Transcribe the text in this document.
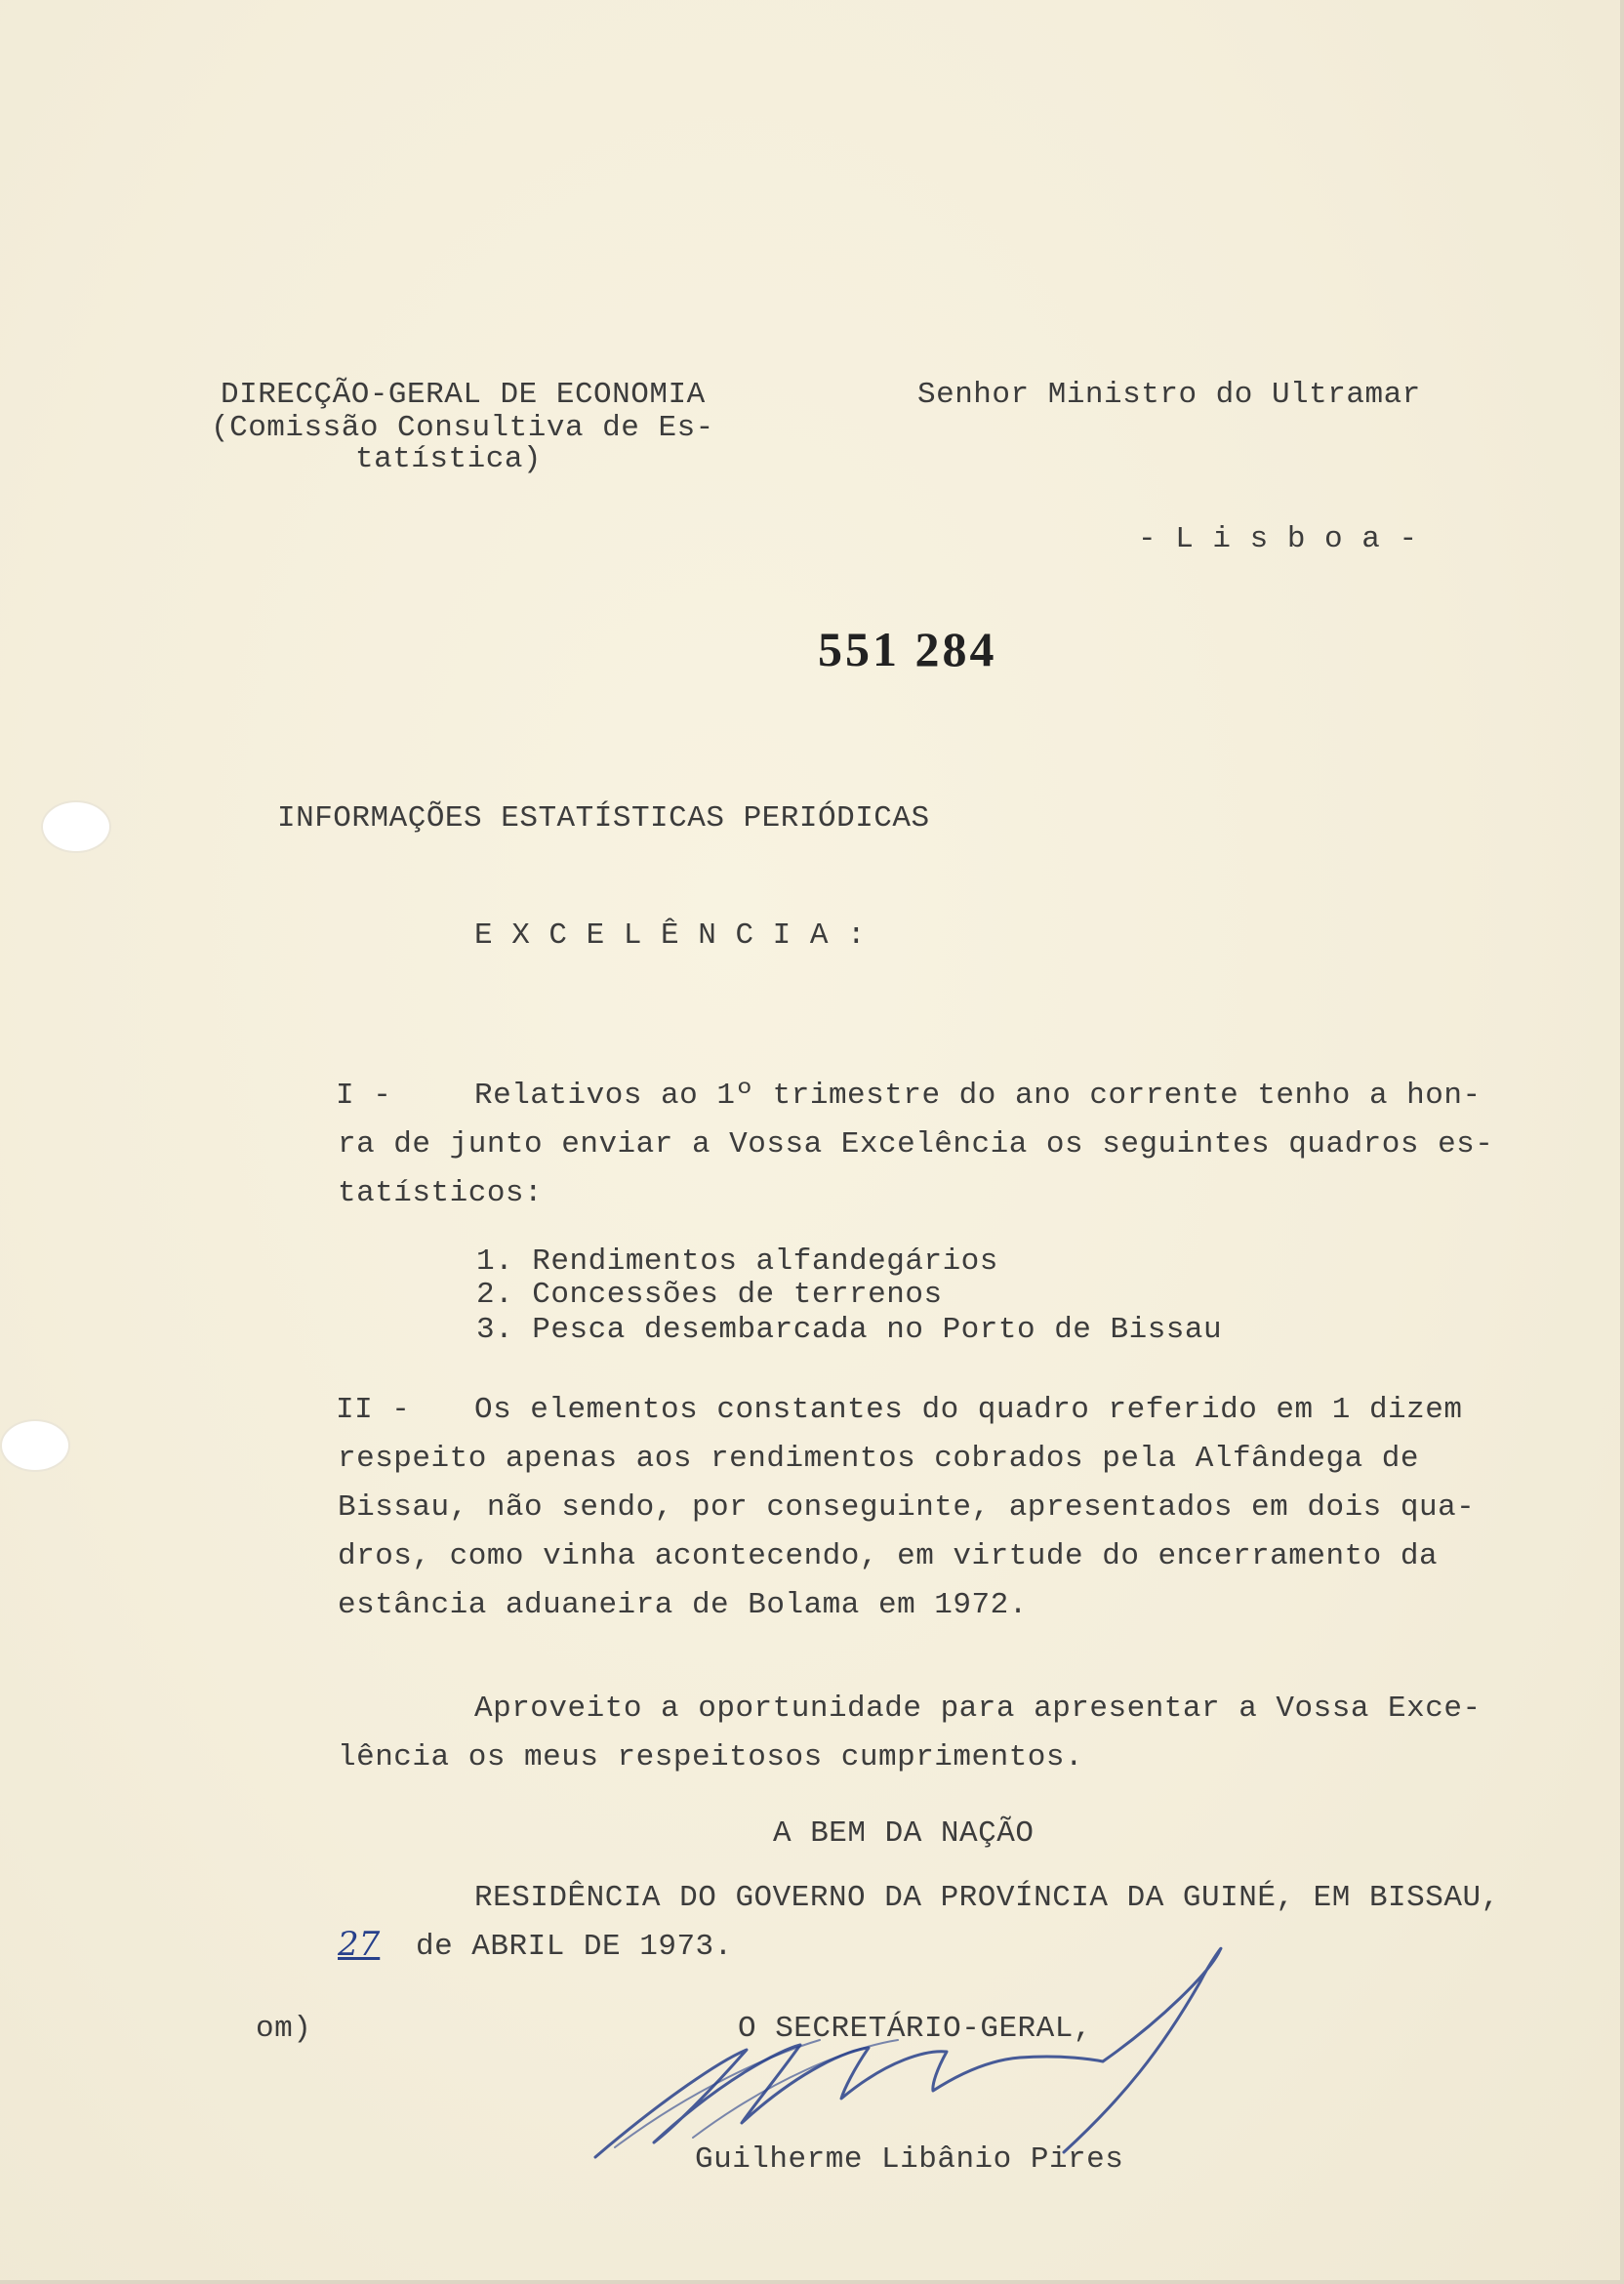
DIRECÇÃO-GERAL DE ECONOMIA
(Comissão Consultiva de Es-
tatística)
Senhor Ministro do Ultramar
- L i s b o a -
551 284
INFORMAÇÕES ESTATÍSTICAS PERIÓDICAS
E X C E L Ê N C I A :
I -	Relativos ao 1º trimestre do ano corrente tenho a hon-
ra de junto enviar a Vossa Excelência os seguintes quadros es-
tatísticos:
1. Rendimentos alfandegários
2. Concessões de terrenos
3. Pesca desembarcada no Porto de Bissau
II -	Os elementos constantes do quadro referido em 1 dizem
respeito apenas aos rendimentos cobrados pela Alfândega de
Bissau, não sendo, por conseguinte, apresentados em dois qua-
dros, como vinha acontecendo, em virtude do encerramento da
estância aduaneira de Bolama em 1972.
Aproveito a oportunidade para apresentar a Vossa Exce-
lência os meus respeitosos cumprimentos.
A BEM DA NAÇÃO
RESIDÊNCIA DO GOVERNO DA PROVÍNCIA DA GUINÉ, EM BISSAU,
27 de ABRIL DE 1973.
om)	O SECRETÁRIO-GERAL,
Guilherme Libânio Pires
